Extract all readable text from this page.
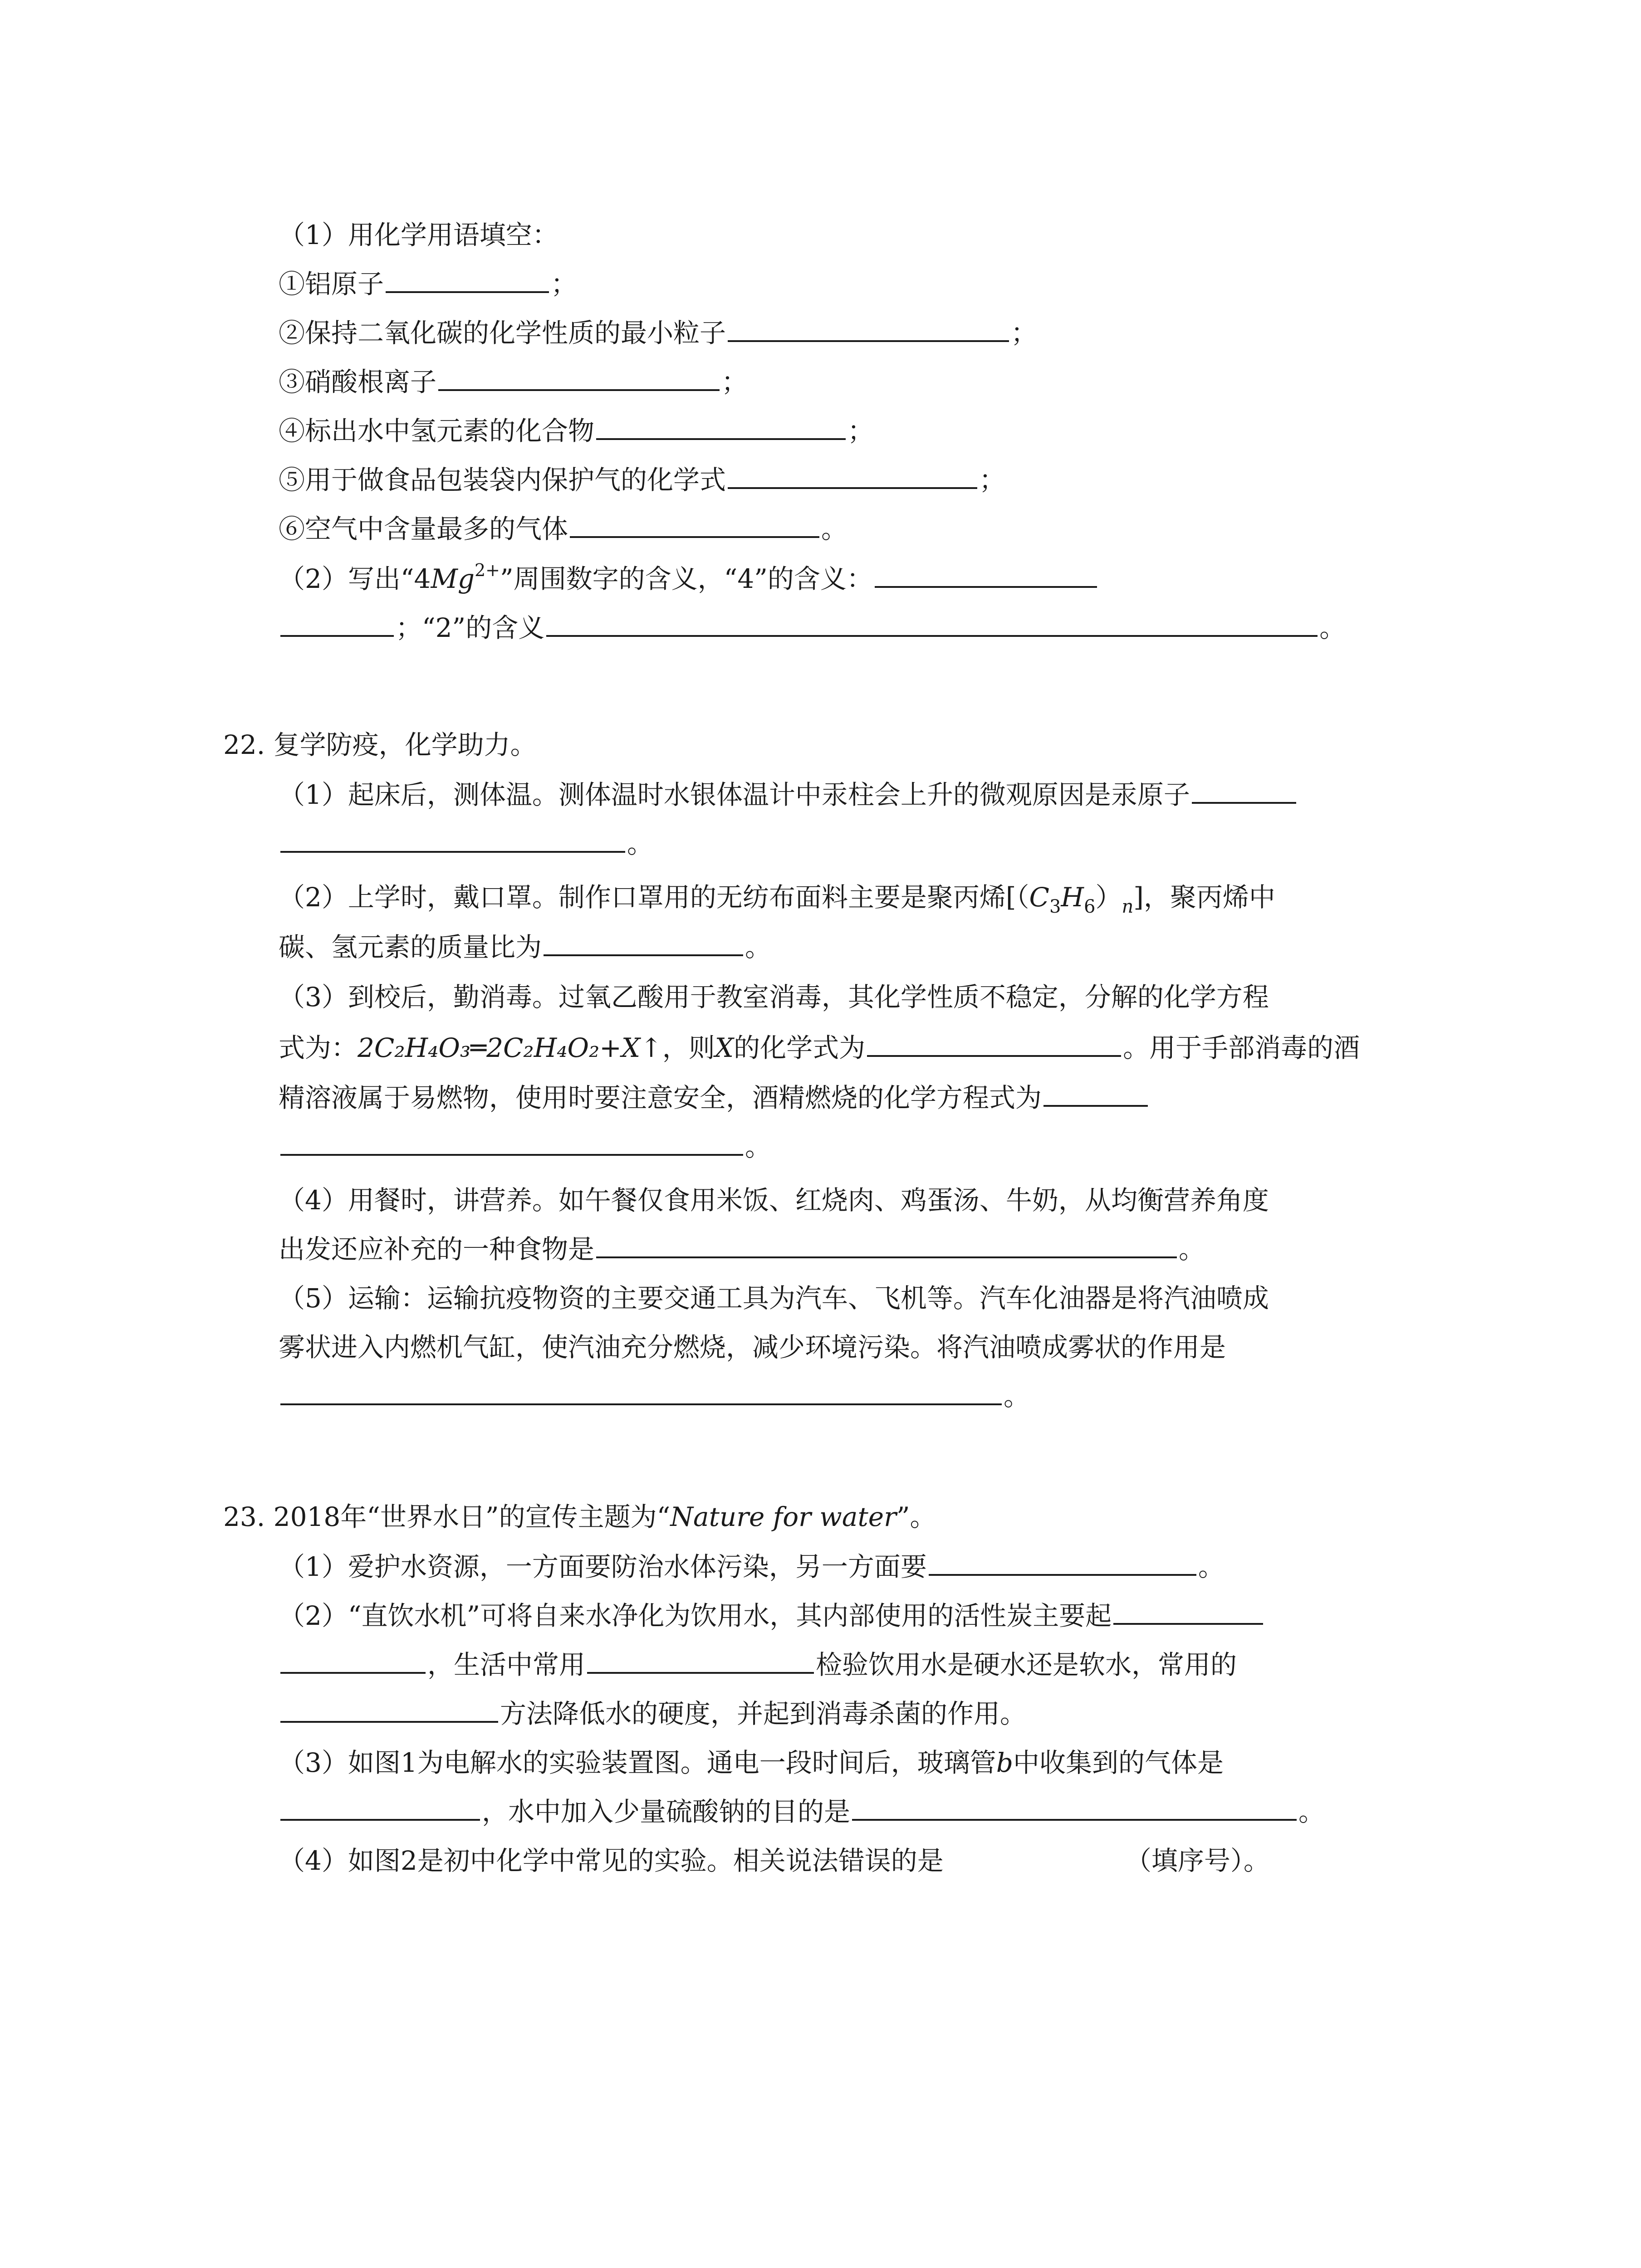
（1）用化学用语填空：
①铝原子	；
②保持二氧化碳的化学性质的最小粒子	；
③硝酸根离子	；
④标出水中氢元素的化合物	；
⑤用于做食品包装袋内保护气的化学式	；
⑥空气中含量最多的气体	。
（2）写出“4 Mg 2+ ”周围数字的含义，“4”的含义：
；“2”的含义	。
22. 复学防疫，化学助力。
（1）起床后，测体温。测体温时水银体温计中汞柱会上升的微观原因是汞原子
。
（2）上学时，戴口罩。制作口罩用的无纺布面料主要是聚丙烯[（ C 3 H 6 ） n ]，聚丙烯中
碳、氢元素的质量比为	。
（3）到校后，勤消毒。过氧乙酸用于教室消毒，其化学性质不稳定，分解的化学方程
式为： 2C₂H₄O₃═2C₂H₄O₂+X↑ ，则 X 的化学式为	。用于手部消毒的酒
精溶液属于易燃物，使用时要注意安全，酒精燃烧的化学方程式为
。
（4）用餐时，讲营养。如午餐仅食用米饭、红烧肉、鸡蛋汤、牛奶，从均衡营养角度
出发还应补充的一种食物是	。
（5）运输：运输抗疫物资的主要交通工具为汽车、飞机等。汽车化油器是将汽油喷成
雾状进入内燃机气缸，使汽油充分燃烧，减少环境污染。将汽油喷成雾状的作用是
。
23. 2018年“世界水日”的宣传主题为“ Nature for water ”。
（1）爱护水资源，一方面要防治水体污染，另一方面要	。
（2）“直饮水机”可将自来水净化为饮用水，其内部使用的活性炭主要起
，生活中常用	检验饮用水是硬水还是软水，常用的
方法降低水的硬度，并起到消毒杀菌的作用。
（3）如图1为电解水的实验装置图。通电一段时间后，玻璃管 b 中收集到的气体是
，水中加入少量硫酸钠的目的是	。
（4）如图2是初中化学中常见的实验。相关说法错误的是	（填序号）。
